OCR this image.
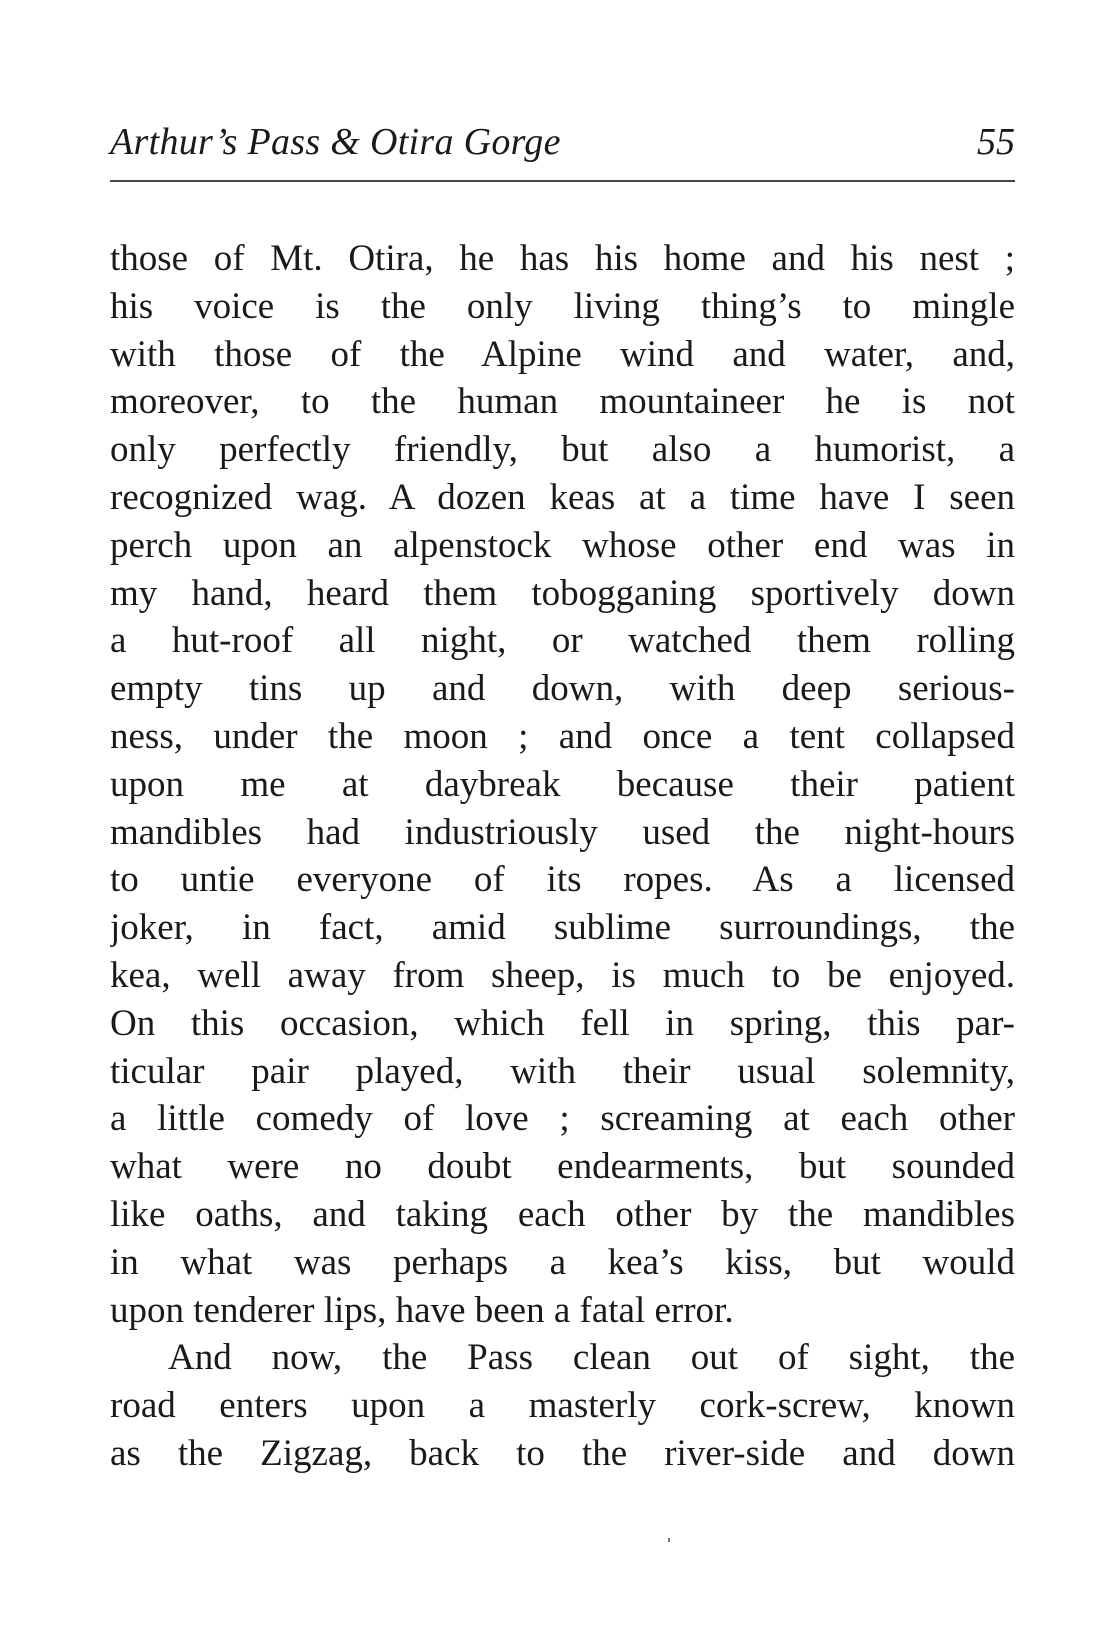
Arthur’s Pass & Otira Gorge	55
those of Mt. Otira, he has his home and his nest ;
his voice is the only living thing’s to mingle
with those of the Alpine wind and water, and,
moreover, to the human mountaineer he is not
only perfectly friendly, but also a humorist, a
recognized wag. A dozen keas at a time have I seen
perch upon an alpenstock whose other end was in
my hand, heard them tobogganing sportively down
a hut-roof all night, or watched them rolling
empty tins up and down, with deep serious-
ness, under the moon ; and once a tent collapsed
upon me at daybreak because their patient
mandibles had industriously used the night-hours
to untie everyone of its ropes. As a licensed
joker, in fact, amid sublime surroundings, the
kea, well away from sheep, is much to be enjoyed.
On this occasion, which fell in spring, this par-
ticular pair played, with their usual solemnity,
a little comedy of love ; screaming at each other
what were no doubt endearments, but sounded
like oaths, and taking each other by the mandibles
in what was perhaps a kea’s kiss, but would
upon tenderer lips, have been a fatal error.
And now, the Pass clean out of sight, the
road enters upon a masterly cork-screw, known
as the Zigzag, back to the river-side and down
